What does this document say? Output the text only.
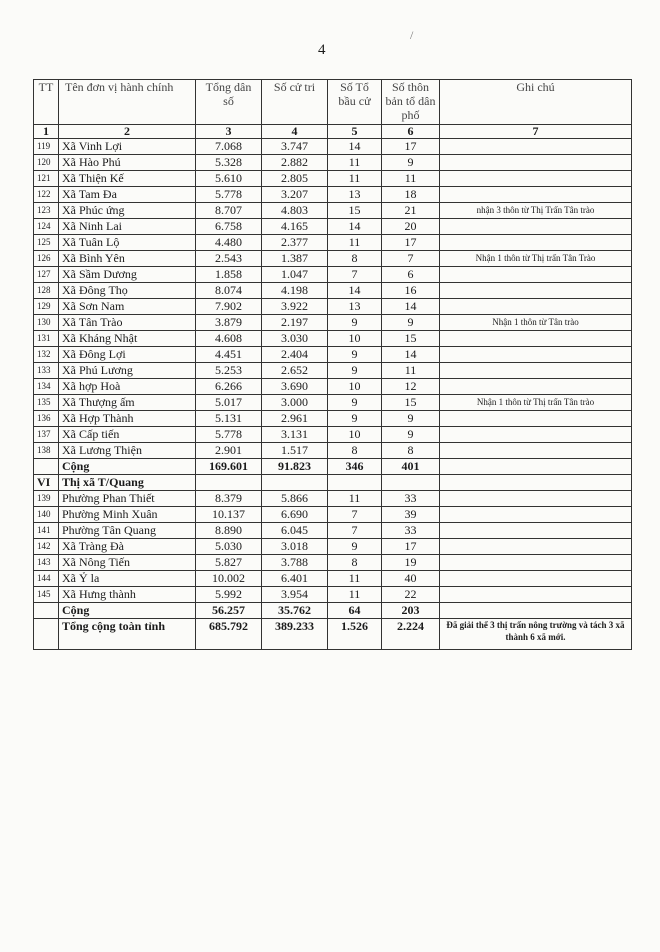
4
/
TT	Tên đơn vị hành chính	Tổng dân số	Số cử tri	Số Tổ bầu cử	Số thôn bản tổ dân phố	Ghi chú
1	2	3	4	5	6	7
119	Xã Vinh Lợi	7.068	3.747	14	17	
120	Xã Hào Phú	5.328	2.882	11	9	
121	Xã Thiện Kế	5.610	2.805	11	11	
122	Xã Tam Đa	5.778	3.207	13	18	
123	Xã Phúc ứng	8.707	4.803	15	21	nhận 3 thôn từ Thị Trấn Tân trào
124	Xã Ninh Lai	6.758	4.165	14	20	
125	Xã Tuân Lộ	4.480	2.377	11	17	
126	Xã Bình Yên	2.543	1.387	8	7	Nhận 1 thôn từ Thị trấn Tân Trào
127	Xã Sầm Dương	1.858	1.047	7	6	
128	Xã Đông Thọ	8.074	4.198	14	16	
129	Xã Sơn Nam	7.902	3.922	13	14	
130	Xã Tân Trào	3.879	2.197	9	9	Nhận 1 thôn từ Tân trào
131	Xã Kháng Nhật	4.608	3.030	10	15	
132	Xã Đông Lợi	4.451	2.404	9	14	
133	Xã Phú Lương	5.253	2.652	9	11	
134	Xã hợp Hoà	6.266	3.690	10	12	
135	Xã Thượng ấm	5.017	3.000	9	15	Nhận 1 thôn từ Thị trấn Tân trào
136	Xã Hợp Thành	5.131	2.961	9	9	
137	Xã Cấp tiến	5.778	3.131	10	9	
138	Xã Lương Thiện	2.901	1.517	8	8	
	Cộng	169.601	91.823	346	401	
VI	Thị xã T/Quang					
139	Phường Phan Thiết	8.379	5.866	11	33	
140	Phường Minh Xuân	10.137	6.690	7	39	
141	Phường Tân Quang	8.890	6.045	7	33	
142	Xã Tràng Đà	5.030	3.018	9	17	
143	Xã Nông Tiến	5.827	3.788	8	19	
144	Xã Ỷ la	10.002	6.401	11	40	
145	Xã Hưng thành	5.992	3.954	11	22	
	Cộng	56.257	35.762	64	203	
	Tổng cộng toàn tỉnh	685.792	389.233	1.526	2.224	Đã giải thể 3 thị trấn nông trường và tách 3 xã thành 6 xã mới.
